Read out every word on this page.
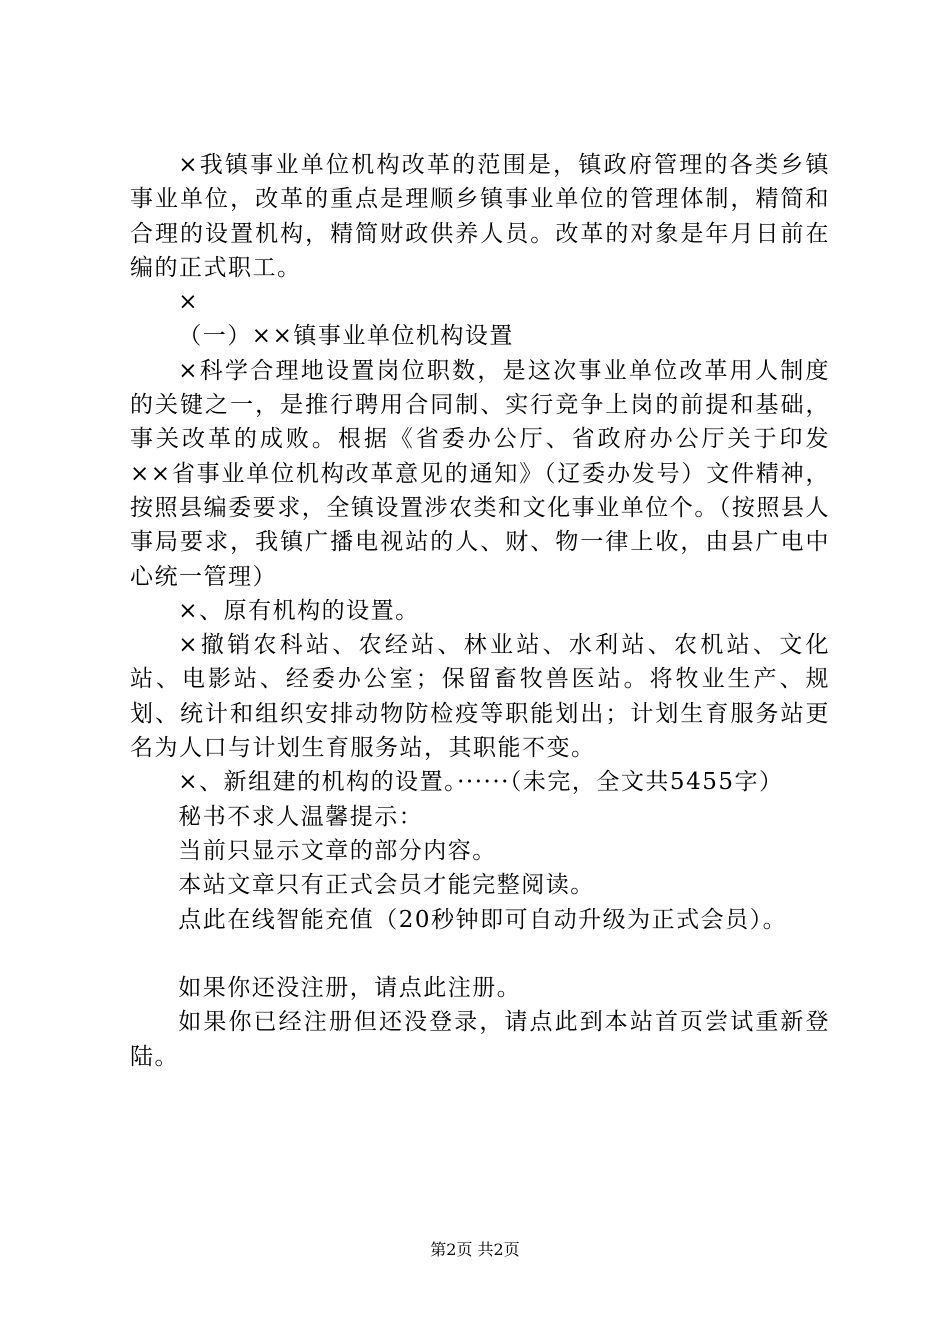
×我镇事业单位机构改革的范围是，镇政府管理的各类乡镇事业单位，改革的重点是理顺乡镇事业单位的管理体制，精简和合理的设置机构，精简财政供养人员。改革的对象是年月日前在编的正式职工。

×

（一）××镇事业单位机构设置

×科学合理地设置岗位职数，是这次事业单位改革用人制度的关键之一，是推行聘用合同制、实行竞争上岗的前提和基础，事关改革的成败。根据《省委办公厅、省政府办公厅关于印发××省事业单位机构改革意见的通知》（辽委办发号）文件精神，按照县编委要求，全镇设置涉农类和文化事业单位个。（按照县人事局要求，我镇广播电视站的人、财、物一律上收，由县广电中心统一管理）

×、原有机构的设置。

×撤销农科站、农经站、林业站、水利站、农机站、文化站、电影站、经委办公室；保留畜牧兽医站。将牧业生产、规划、统计和组织安排动物防检疫等职能划出；计划生育服务站更名为人口与计划生育服务站，其职能不变。

×、新组建的机构的设置。······（未完，全文共5455字）

秘书不求人温馨提示：

当前只显示文章的部分内容。

本站文章只有正式会员才能完整阅读。

点此在线智能充值（20秒钟即可自动升级为正式会员）。

如果你还没注册，请点此注册。

如果你已经注册但还没登录，请点此到本站首页尝试重新登陆。

第2页 共2页
